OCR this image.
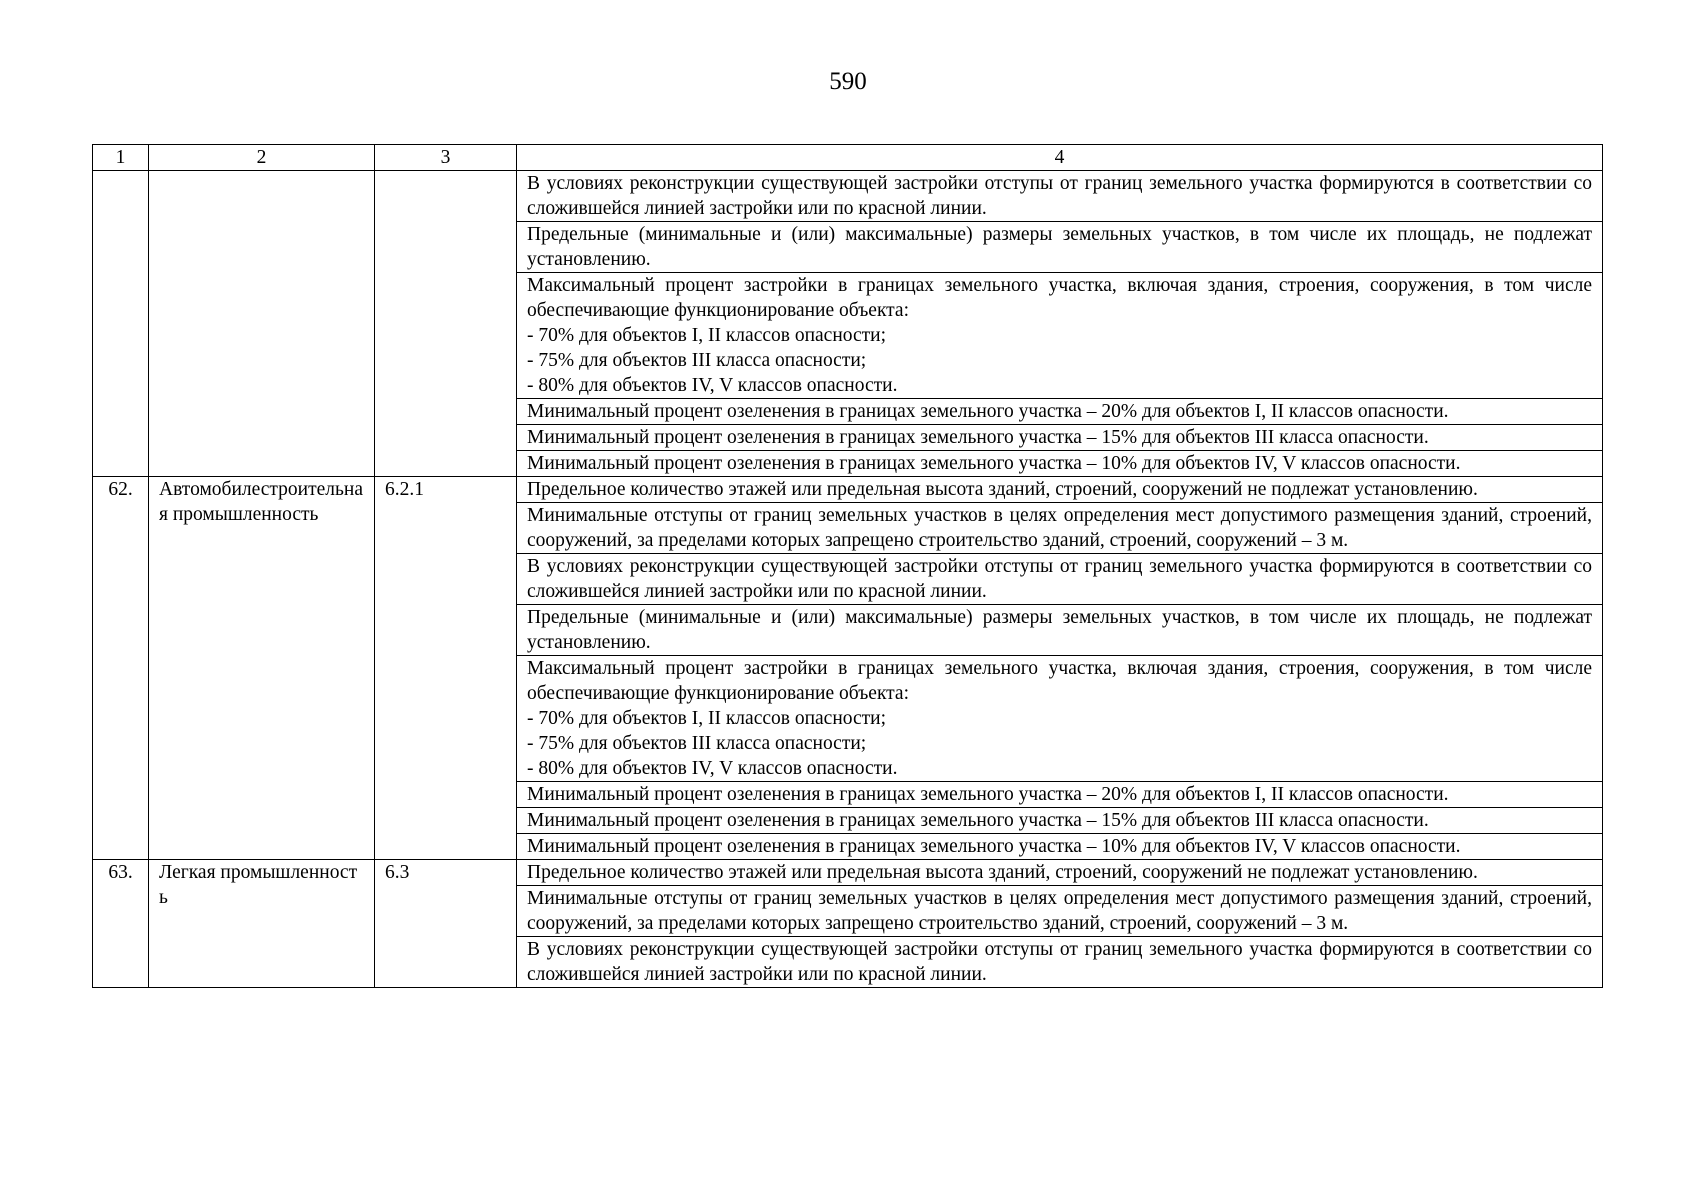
590
1	2	3	4
			В условиях реконструкции существующей застройки отступы от границ земельного участка формируются в соответствии со сложившейся линией застройки или по красной линии.
			Предельные (минимальные и (или) максимальные) размеры земельных участков, в том числе их площадь, не подлежат установлению.

			Максимальный процент застройки в границах земельного участка, включая здания, строения, сооружения, в том числе обеспечивающие функционирование объекта:
- 70% для объектов I, II классов опасности;
- 75% для объектов III класса опасности;
- 80% для объектов IV, V классов опасности.

			Минимальный процент озеленения в границах земельного участка – 20% для объектов I, II классов опасности.
			Минимальный процент озеленения в границах земельного участка – 15% для объектов III класса опасности.
			Минимальный процент озеленения в границах земельного участка – 10% для объектов IV, V классов опасности.
62.	Автомобилестроительная промышленность	6.2.1	Предельное количество этажей или предельная высота зданий, строений, сооружений не подлежат установлению.
			Минимальные отступы от границ земельных участков в целях определения мест допустимого размещения зданий, строений, сооружений, за пределами которых запрещено строительство зданий, строений, сооружений – 3 м.
			В условиях реконструкции существующей застройки отступы от границ земельного участка формируются в соответствии со сложившейся линией застройки или по красной линии.
			Предельные (минимальные и (или) максимальные) размеры земельных участков, в том числе их площадь, не подлежат установлению.

			Максимальный процент застройки в границах земельного участка, включая здания, строения, сооружения, в том числе обеспечивающие функционирование объекта:
- 70% для объектов I, II классов опасности;
- 75% для объектов III класса опасности;
- 80% для объектов IV, V классов опасности.

			Минимальный процент озеленения в границах земельного участка – 20% для объектов I, II классов опасности.
			Минимальный процент озеленения в границах земельного участка – 15% для объектов III класса опасности.
			Минимальный процент озеленения в границах земельного участка – 10% для объектов IV, V классов опасности.
63.	Легкая промышленность	6.3	Предельное количество этажей или предельная высота зданий, строений, сооружений не подлежат установлению.
			Минимальные отступы от границ земельных участков в целях определения мест допустимого размещения зданий, строений, сооружений, за пределами которых запрещено строительство зданий, строений, сооружений – 3 м.
			В условиях реконструкции существующей застройки отступы от границ земельного участка формируются в соответствии со сложившейся линией застройки или по красной линии.
